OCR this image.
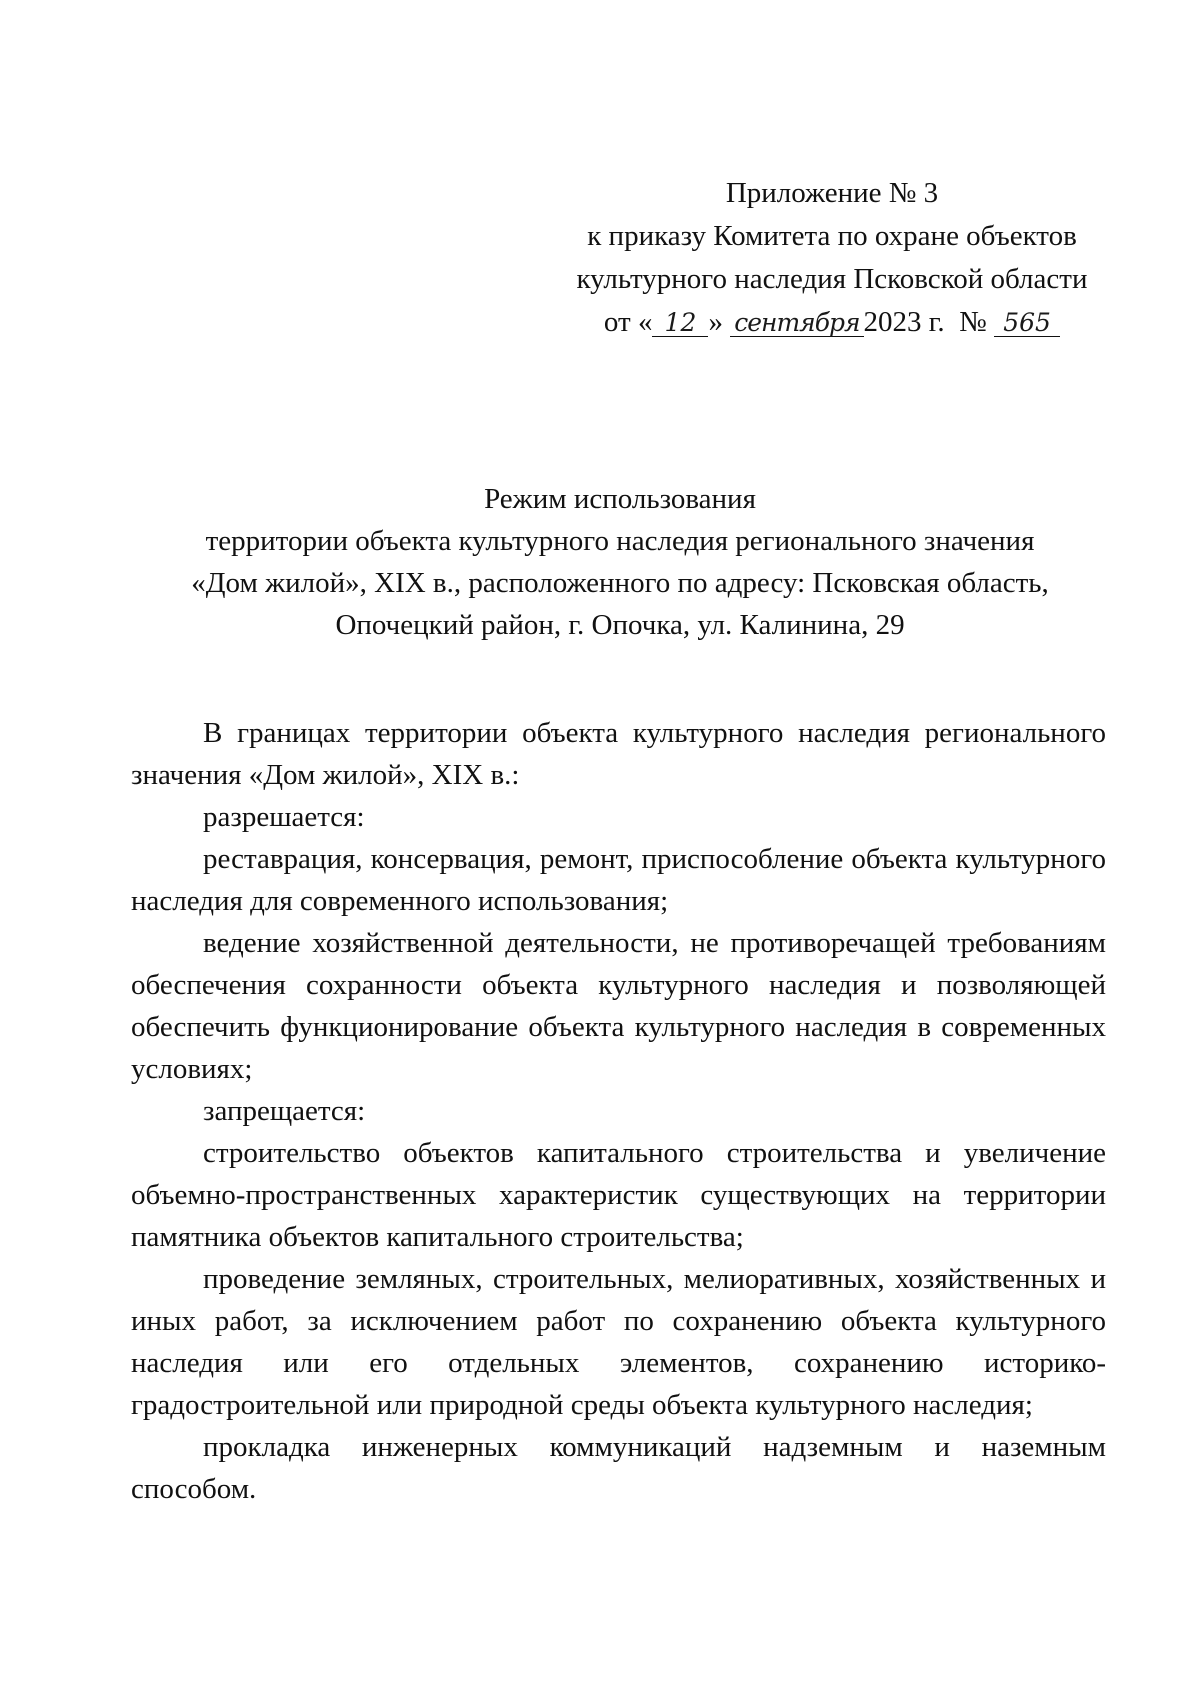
Приложение № 3
к приказу Комитета по охране объектов
культурного наследия Псковской области
от « 12 » сентября 2023 г. № 565
Режим использования
территории объекта культурного наследия регионального значения
«Дом жилой», XIX в., расположенного по адресу: Псковская область,
Опочецкий район, г. Опочка, ул. Калинина, 29

В границах территории объекта культурного наследия регионального значения «Дом жилой», XIX в.:

разрешается:

реставрация, консервация, ремонт, приспособление объекта культурного наследия для современного использования;

ведение хозяйственной деятельности, не противоречащей требованиям обеспечения сохранности объекта культурного наследия и позволяющей обеспечить функционирование объекта культурного наследия в современных условиях;

запрещается:

строительство объектов капитального строительства и увеличение объемно-пространственных характеристик существующих на территории памятника объектов капитального строительства;

проведение земляных, строительных, мелиоративных, хозяйственных и иных работ, за исключением работ по сохранению объекта культурного наследия или его отдельных элементов, сохранению историко-градостроительной или природной среды объекта культурного наследия;

прокладка инженерных коммуникаций надземным и наземным способом.
